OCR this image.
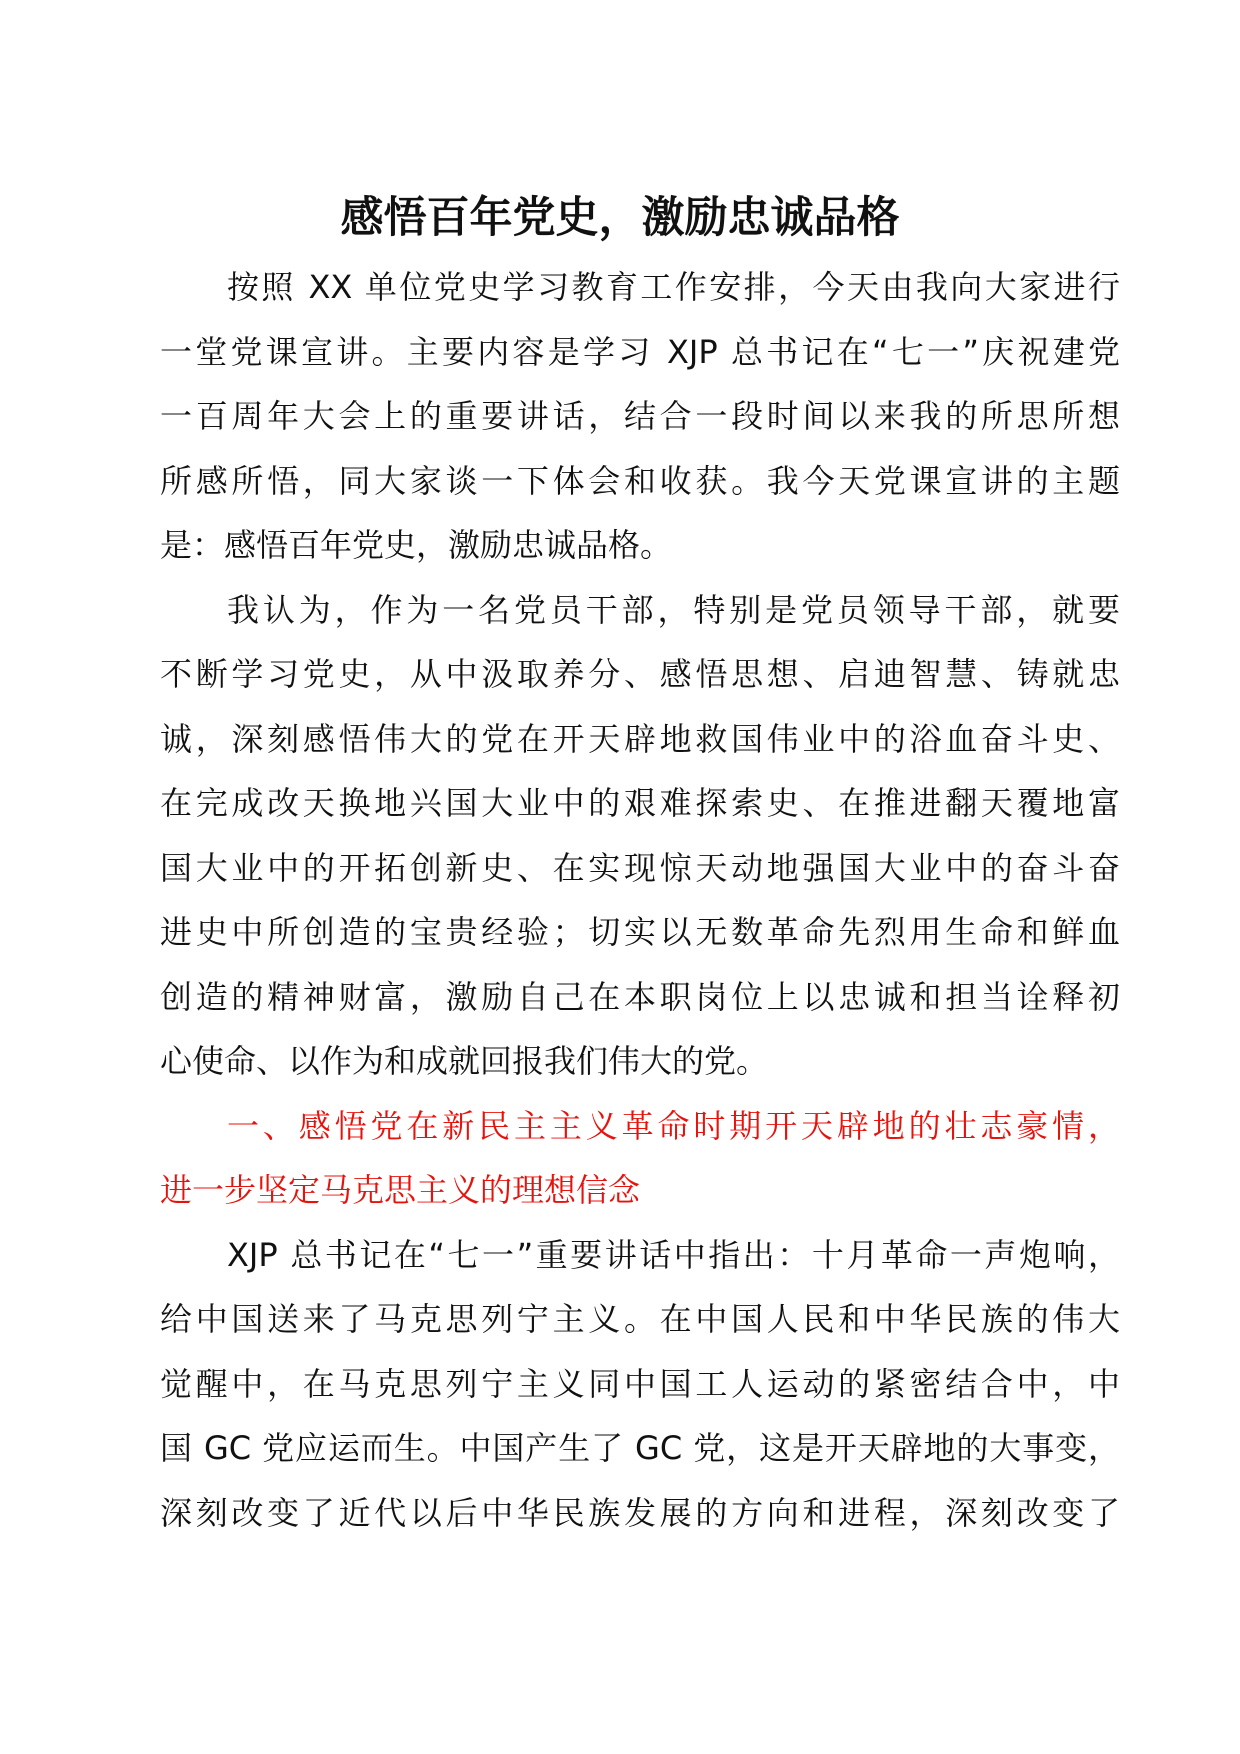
感悟百年党史，激励忠诚品格
按照 XX 单位党史学习教育工作安排，今天由我向大家进行
一堂党课宣讲。主要内容是学习 XJP 总书记在“七一”庆祝建党
一百周年大会上的重要讲话，结合一段时间以来我的所思所想
所感所悟，同大家谈一下体会和收获。我今天党课宣讲的主题
是：感悟百年党史，激励忠诚品格。
我认为，作为一名党员干部，特别是党员领导干部，就要
不断学习党史，从中汲取养分、感悟思想、启迪智慧、铸就忠
诚，深刻感悟伟大的党在开天辟地救国伟业中的浴血奋斗史、
在完成改天换地兴国大业中的艰难探索史、在推进翻天覆地富
国大业中的开拓创新史、在实现惊天动地强国大业中的奋斗奋
进史中所创造的宝贵经验；切实以无数革命先烈用生命和鲜血
创造的精神财富，激励自己在本职岗位上以忠诚和担当诠释初
心使命、以作为和成就回报我们伟大的党。
一、感悟党在新民主主义革命时期开天辟地的壮志豪情，
进一步坚定马克思主义的理想信念
XJP 总书记在“七一”重要讲话中指出：十月革命一声炮响，
给中国送来了马克思列宁主义。在中国人民和中华民族的伟大
觉醒中，在马克思列宁主义同中国工人运动的紧密结合中，中
国 GC 党应运而生。中国产生了 GC 党，这是开天辟地的大事变，
深刻改变了近代以后中华民族发展的方向和进程，深刻改变了
